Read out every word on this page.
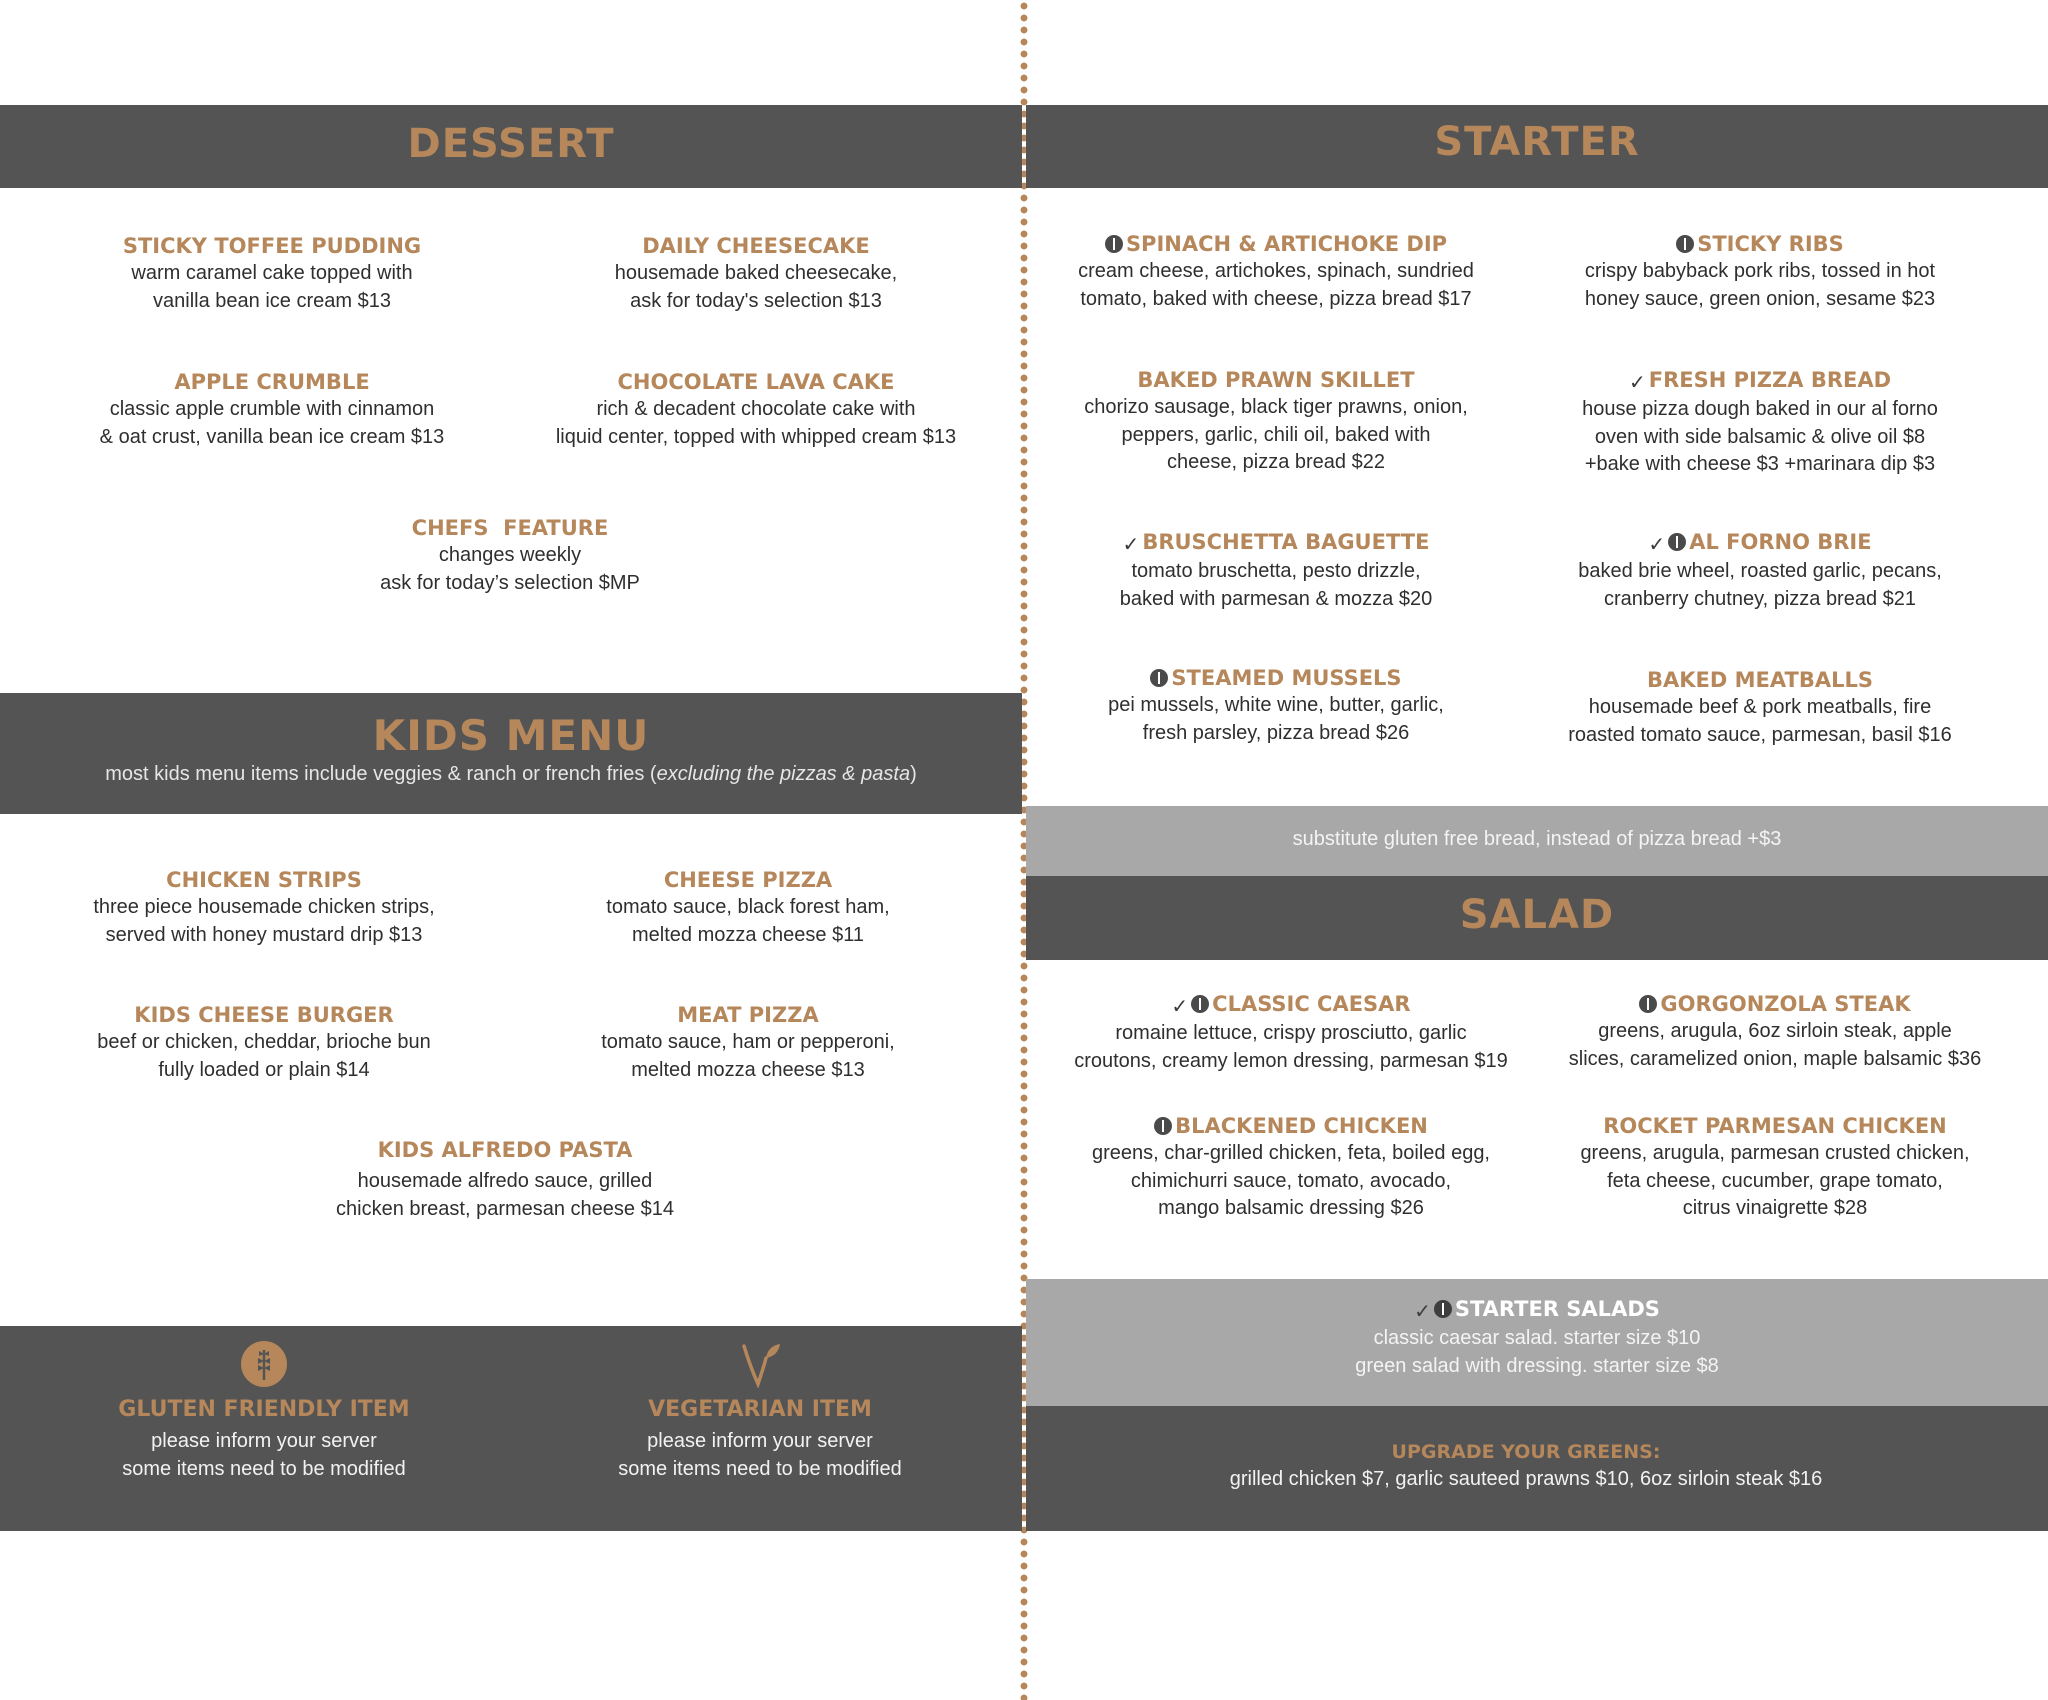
DESSERT
STICKY TOFFEE PUDDING
warm caramel cake topped with
vanilla bean ice cream $13
DAILY CHEESECAKE
housemade baked cheesecake,
ask for today's selection $13
APPLE CRUMBLE
classic apple crumble with cinnamon
& oat crust, vanilla bean ice cream $13
CHOCOLATE LAVA CAKE
rich & decadent chocolate cake with
liquid center, topped with whipped cream $13
CHEFS  FEATURE
changes weekly
ask for today’s selection $MP
KIDS MENU
most kids menu items include veggies & ranch or french fries (excluding the pizzas & pasta)
CHICKEN STRIPS
three piece housemade chicken strips,
served with honey mustard drip $13
CHEESE PIZZA
tomato sauce, black forest ham,
melted mozza cheese $11
KIDS CHEESE BURGER
beef or chicken, cheddar, brioche bun
fully loaded or plain $14
MEAT PIZZA
tomato sauce, ham or pepperoni,
melted mozza cheese $13
KIDS ALFREDO PASTA
housemade alfredo sauce, grilled
chicken breast, parmesan cheese $14
GLUTEN FRIENDLY ITEM
please inform your server
some items need to be modified
VEGETARIAN ITEM
please inform your server
some items need to be modified
STARTER
SPINACH & ARTICHOKE DIP
cream cheese, artichokes, spinach, sundried
tomato, baked with cheese, pizza bread $17
STICKY RIBS
crispy babyback pork ribs, tossed in hot
honey sauce, green onion, sesame $23
BAKED PRAWN SKILLET
chorizo sausage, black tiger prawns, onion,
peppers, garlic, chili oil, baked with
cheese, pizza bread $22
✓ FRESH PIZZA BREAD
house pizza dough baked in our al forno
oven with side balsamic & olive oil $8
+bake with cheese $3 +marinara dip $3
✓ BRUSCHETTA BAGUETTE
tomato bruschetta, pesto drizzle,
baked with parmesan & mozza $20
✓ AL FORNO BRIE
baked brie wheel, roasted garlic, pecans,
cranberry chutney, pizza bread $21
STEAMED MUSSELS
pei mussels, white wine, butter, garlic,
fresh parsley, pizza bread $26
BAKED MEATBALLS
housemade beef & pork meatballs, fire
roasted tomato sauce, parmesan, basil $16
substitute gluten free bread, instead of pizza bread +$3
SALAD
✓ CLASSIC CAESAR
romaine lettuce, crispy prosciutto, garlic
croutons, creamy lemon dressing, parmesan $19
GORGONZOLA STEAK
greens, arugula, 6oz sirloin steak, apple
slices, caramelized onion, maple balsamic $36
BLACKENED CHICKEN
greens, char-grilled chicken, feta, boiled egg,
chimichurri sauce, tomato, avocado,
mango balsamic dressing $26
ROCKET PARMESAN CHICKEN
greens, arugula, parmesan crusted chicken,
feta cheese, cucumber, grape tomato,
citrus vinaigrette $28
✓ STARTER SALADS
classic caesar salad. starter size $10
green salad with dressing. starter size $8
UPGRADE YOUR GREENS:
grilled chicken $7, garlic sauteed prawns $10, 6oz sirloin steak $16
